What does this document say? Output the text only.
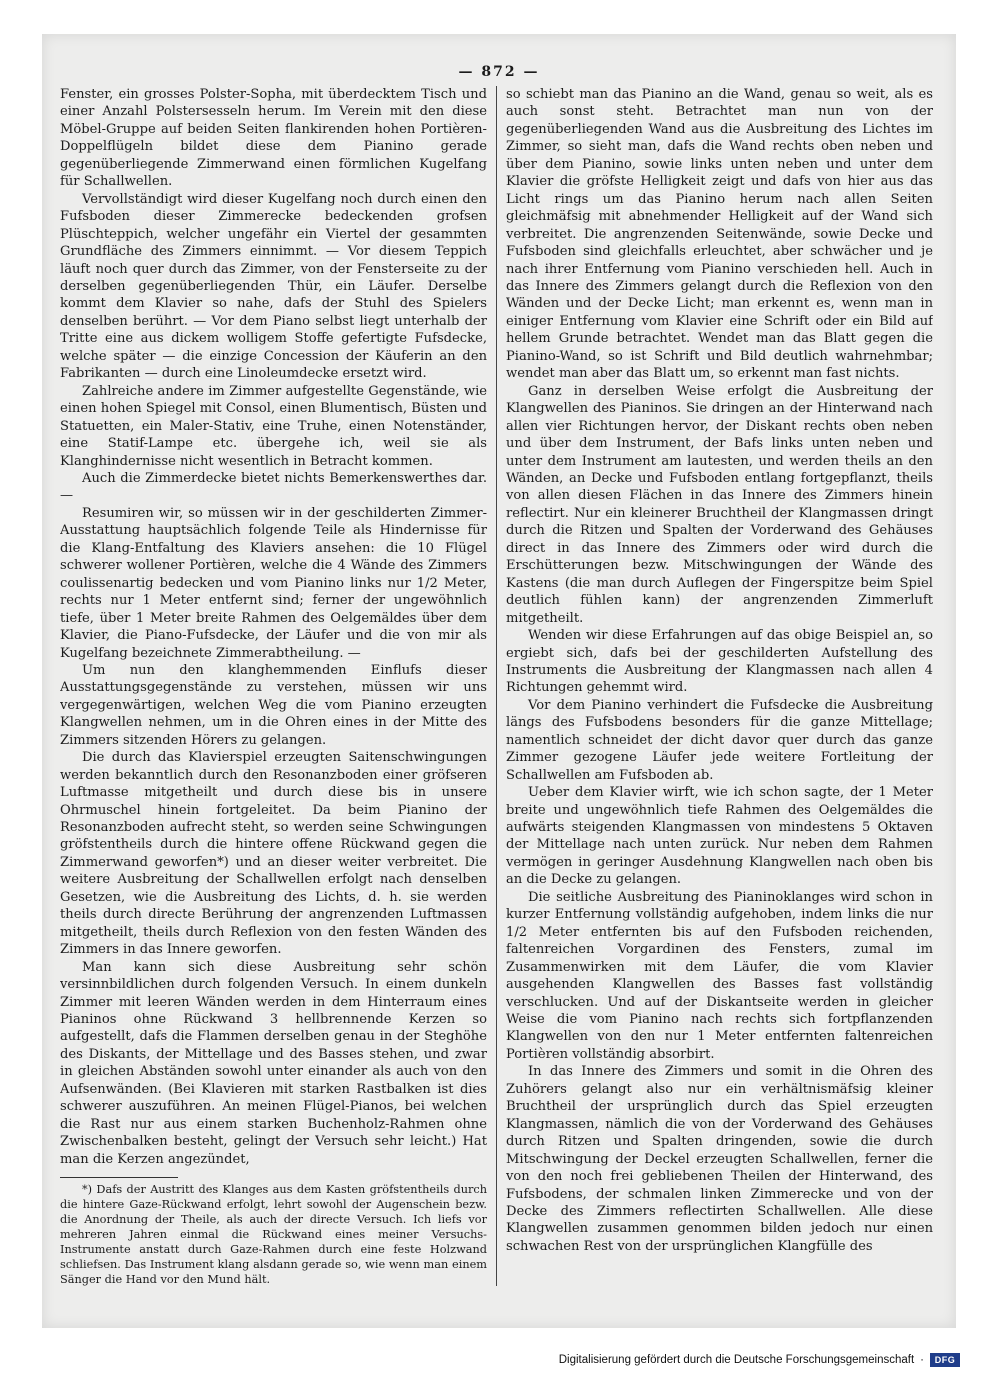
— 872 —

Fenster, ein grosses Polster-Sopha, mit überdecktem Tisch und einer Anzahl Polstersesseln herum. Im Verein mit den diese Möbel-Gruppe auf beiden Seiten flankirenden hohen Portièren-Doppelflügeln bildet diese dem Pianino gerade gegenüberliegende Zimmerwand einen förmlichen Kugelfang für Schallwellen.

Vervollständigt wird dieser Kugelfang noch durch einen den Fufsboden dieser Zimmerecke bedeckenden grofsen Plüschteppich, welcher ungefähr ein Viertel der gesammten Grundfläche des Zimmers einnimmt. — Vor diesem Teppich läuft noch quer durch das Zimmer, von der Fensterseite zu der derselben gegenüberliegenden Thür, ein Läufer. Derselbe kommt dem Klavier so nahe, dafs der Stuhl des Spielers denselben berührt. — Vor dem Piano selbst liegt unterhalb der Tritte eine aus dickem wolligem Stoffe gefertigte Fufsdecke, welche später — die einzige Concession der Käuferin an den Fabrikanten — durch eine Linoleumdecke ersetzt wird.

Zahlreiche andere im Zimmer aufgestellte Gegenstände, wie einen hohen Spiegel mit Consol, einen Blumentisch, Büsten und Statuetten, ein Maler-Stativ, eine Truhe, einen Notenständer, eine Statif-Lampe etc. übergehe ich, weil sie als Klanghindernisse nicht wesentlich in Betracht kommen.

Auch die Zimmerdecke bietet nichts Bemerkenswerthes dar. —

Resumiren wir, so müssen wir in der geschilderten Zimmer-Ausstattung hauptsächlich folgende Teile als Hindernisse für die Klang-Entfaltung des Klaviers ansehen: die 10 Flügel schwerer wollener Portièren, welche die 4 Wände des Zimmers coulissenartig bedecken und vom Pianino links nur 1/2 Meter, rechts nur 1 Meter entfernt sind; ferner der ungewöhnlich tiefe, über 1 Meter breite Rahmen des Oelgemäldes über dem Klavier, die Piano-Fufsdecke, der Läufer und die von mir als Kugelfang bezeichnete Zimmerabtheilung. —

Um nun den klanghemmenden Einflufs dieser Ausstattungsgegenstände zu verstehen, müssen wir uns vergegenwärtigen, welchen Weg die vom Pianino erzeugten Klangwellen nehmen, um in die Ohren eines in der Mitte des Zimmers sitzenden Hörers zu gelangen.

Die durch das Klavierspiel erzeugten Saitenschwingungen werden bekanntlich durch den Resonanzboden einer gröfseren Luftmasse mitgetheilt und durch diese bis in unsere Ohrmuschel hinein fortgeleitet. Da beim Pianino der Resonanzboden aufrecht steht, so werden seine Schwingungen gröfstentheils durch die hintere offene Rückwand gegen die Zimmerwand geworfen*) und an dieser weiter verbreitet. Die weitere Ausbreitung der Schallwellen erfolgt nach denselben Gesetzen, wie die Ausbreitung des Lichts, d. h. sie werden theils durch directe Berührung der angrenzenden Luftmassen mitgetheilt, theils durch Reflexion von den festen Wänden des Zimmers in das Innere geworfen.

Man kann sich diese Ausbreitung sehr schön versinnbildlichen durch folgenden Versuch. In einem dunkeln Zimmer mit leeren Wänden werden in dem Hinterraum eines Pianinos ohne Rückwand 3 hellbrennende Kerzen so aufgestellt, dafs die Flammen derselben genau in der Steghöhe des Diskants, der Mittellage und des Basses stehen, und zwar in gleichen Abständen sowohl unter einander als auch von den Aufsenwänden. (Bei Klavieren mit starken Rastbalken ist dies schwerer auszuführen. An meinen Flügel-Pianos, bei welchen die Rast nur aus einem starken Buchenholz-Rahmen ohne Zwischenbalken besteht, gelingt der Versuch sehr leicht.) Hat man die Kerzen angezündet,

*) Dafs der Austritt des Klanges aus dem Kasten gröfstentheils durch die hintere Gaze-Rückwand erfolgt, lehrt sowohl der Augenschein bezw. die Anordnung der Theile, als auch der directe Versuch. Ich liefs vor mehreren Jahren einmal die Rückwand eines meiner Versuchs-Instrumente anstatt durch Gaze-Rahmen durch eine feste Holzwand schliefsen. Das Instrument klang alsdann gerade so, wie wenn man einem Sänger die Hand vor den Mund hält.

so schiebt man das Pianino an die Wand, genau so weit, als es auch sonst steht. Betrachtet man nun von der gegenüberliegenden Wand aus die Ausbreitung des Lichtes im Zimmer, so sieht man, dafs die Wand rechts oben neben und über dem Pianino, sowie links unten neben und unter dem Klavier die gröfste Helligkeit zeigt und dafs von hier aus das Licht rings um das Pianino herum nach allen Seiten gleichmäfsig mit abnehmender Helligkeit auf der Wand sich verbreitet. Die angrenzenden Seitenwände, sowie Decke und Fufsboden sind gleichfalls erleuchtet, aber schwächer und je nach ihrer Entfernung vom Pianino verschieden hell. Auch in das Innere des Zimmers gelangt durch die Reflexion von den Wänden und der Decke Licht; man erkennt es, wenn man in einiger Entfernung vom Klavier eine Schrift oder ein Bild auf hellem Grunde betrachtet. Wendet man das Blatt gegen die Pianino-Wand, so ist Schrift und Bild deutlich wahrnehmbar; wendet man aber das Blatt um, so erkennt man fast nichts.

Ganz in derselben Weise erfolgt die Ausbreitung der Klangwellen des Pianinos. Sie dringen an der Hinterwand nach allen vier Richtungen hervor, der Diskant rechts oben neben und über dem Instrument, der Bafs links unten neben und unter dem Instrument am lautesten, und werden theils an den Wänden, an Decke und Fufsboden entlang fortgepflanzt, theils von allen diesen Flächen in das Innere des Zimmers hinein reflectirt. Nur ein kleinerer Bruchtheil der Klangmassen dringt durch die Ritzen und Spalten der Vorderwand des Gehäuses direct in das Innere des Zimmers oder wird durch die Erschütterungen bezw. Mitschwingungen der Wände des Kastens (die man durch Auflegen der Fingerspitze beim Spiel deutlich fühlen kann) der angrenzenden Zimmerluft mitgetheilt.

Wenden wir diese Erfahrungen auf das obige Beispiel an, so ergiebt sich, dafs bei der geschilderten Aufstellung des Instruments die Ausbreitung der Klangmassen nach allen 4 Richtungen gehemmt wird.

Vor dem Pianino verhindert die Fufsdecke die Ausbreitung längs des Fufsbodens besonders für die ganze Mittellage; namentlich schneidet der dicht davor quer durch das ganze Zimmer gezogene Läufer jede weitere Fortleitung der Schallwellen am Fufsboden ab.

Ueber dem Klavier wirft, wie ich schon sagte, der 1 Meter breite und ungewöhnlich tiefe Rahmen des Oelgemäldes die aufwärts steigenden Klangmassen von mindestens 5 Oktaven der Mittellage nach unten zurück. Nur neben dem Rahmen vermögen in geringer Ausdehnung Klangwellen nach oben bis an die Decke zu gelangen.

Die seitliche Ausbreitung des Pianinoklanges wird schon in kurzer Entfernung vollständig aufgehoben, indem links die nur 1/2 Meter entfernten bis auf den Fufsboden reichenden, faltenreichen Vorgardinen des Fensters, zumal im Zusammenwirken mit dem Läufer, die vom Klavier ausgehenden Klangwellen des Basses fast vollständig verschlucken. Und auf der Diskantseite werden in gleicher Weise die vom Pianino nach rechts sich fortpflanzenden Klangwellen von den nur 1 Meter entfernten faltenreichen Portièren vollständig absorbirt.

In das Innere des Zimmers und somit in die Ohren des Zuhörers gelangt also nur ein verhältnismäfsig kleiner Bruchtheil der ursprünglich durch das Spiel erzeugten Klangmassen, nämlich die von der Vorderwand des Gehäuses durch Ritzen und Spalten dringenden, sowie die durch Mitschwingung der Deckel erzeugten Schallwellen, ferner die von den noch frei gebliebenen Theilen der Hinterwand, des Fufsbodens, der schmalen linken Zimmerecke und von der Decke des Zimmers reflectirten Schallwellen. Alle diese Klangwellen zusammen genommen bilden jedoch nur einen schwachen Rest von der ursprünglichen Klangfülle des

Digitalisierung gefördert durch die Deutsche Forschungsgemeinschaft · DFG
